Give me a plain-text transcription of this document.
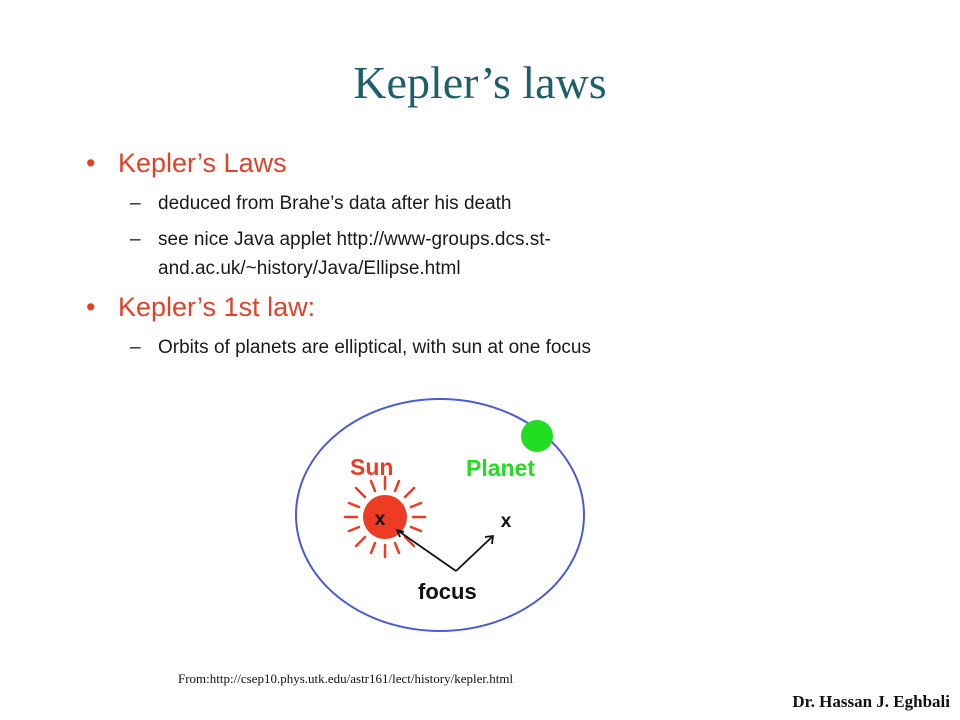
Kepler’s laws
• Kepler’s Laws
– deduced from Brahe’s data after his death
– see nice Java applet http://www-groups.dcs.st-
and.ac.uk/~history/Java/Ellipse.html
• Kepler’s 1st law:
– Orbits of planets are elliptical, with sun at one focus
x
Sun	Planet
x
focus
From:http://csep10.phys.utk.edu/astr161/lect/history/kepler.html
Dr. Hassan J. Eghbali
